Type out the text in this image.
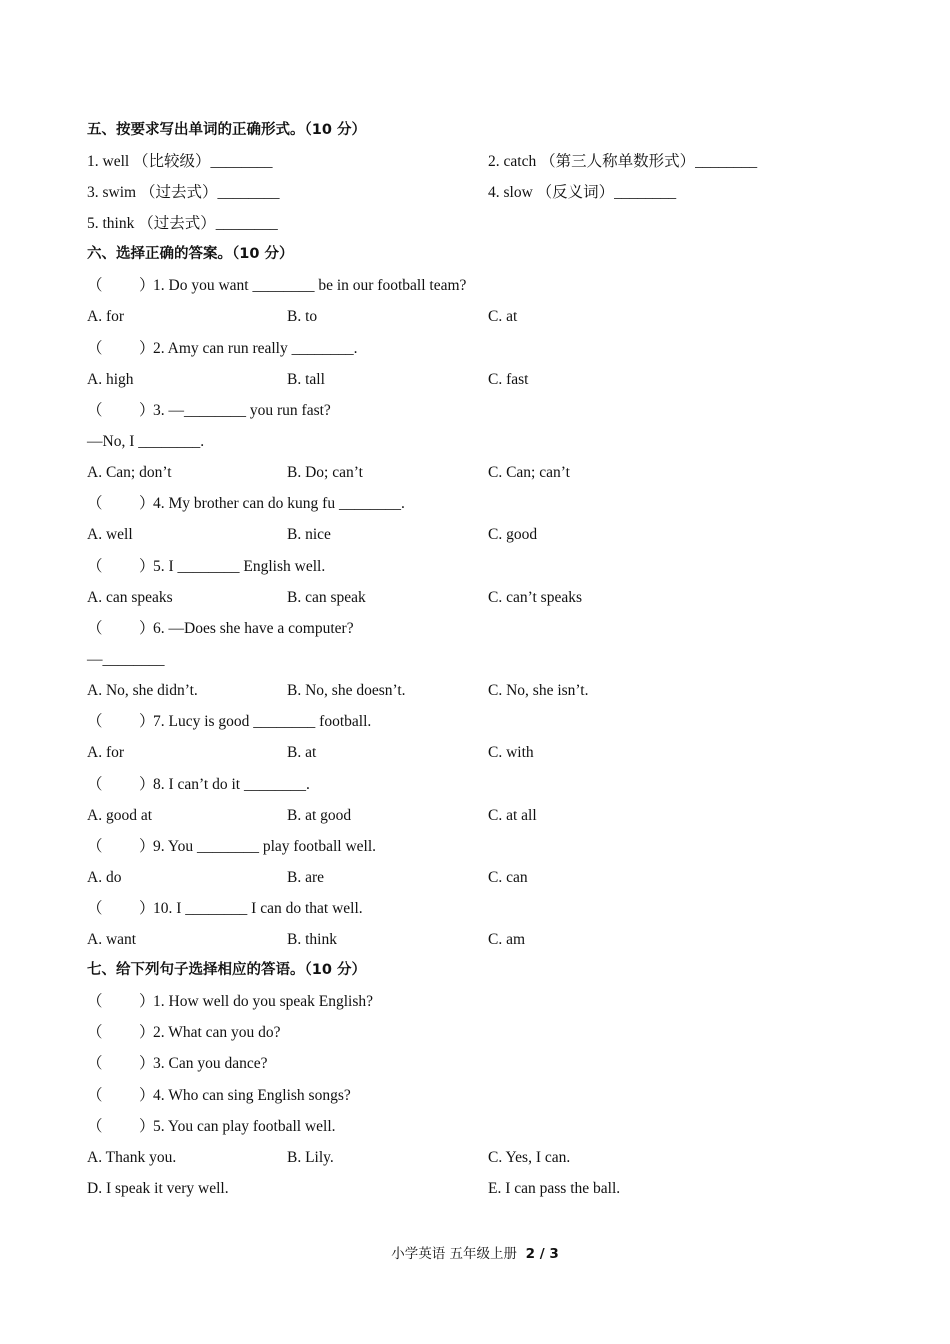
五、按要求写出单词的正确形式。（10 分）
1. well （比较级）________	2. catch （第三人称单数形式）________
3. swim （过去式）________	4. slow （反义词）________
5. think （过去式）________
六、选择正确的答案。（10 分）
（ ）1. Do you want ________ be in our football team?
A. for	B. to	C. at
（ ）2. Amy can run really ________.
A. high	B. tall	C. fast
（ ）3. —________ you run fast?
—No, I ________.
A. Can; don’t	B. Do; can’t	C. Can; can’t
（ ）4. My brother can do kung fu ________.
A. well	B. nice	C. good
（ ）5. I ________ English well.
A. can speaks	B. can speak	C. can’t speaks
（ ）6. —Does she have a computer?
—________
A. No, she didn’t.	B. No, she doesn’t.	C. No, she isn’t.
（ ）7. Lucy is good ________ football.
A. for	B. at	C. with
（ ）8. I can’t do it ________.
A. good at	B. at good	C. at all
（ ）9. You ________ play football well.
A. do	B. are	C. can
（ ）10. I ________ I can do that well.
A. want	B. think	C. am
七、给下列句子选择相应的答语。（10 分）
（ ）1. How well do you speak English?
（ ）2. What can you do?
（ ）3. Can you dance?
（ ）4. Who can sing English songs?
（ ）5. You can play football well.
A. Thank you.	B. Lily.	C. Yes, I can.
D. I speak it very well.	E. I can pass the ball.
小学英语 五年级上册 2 / 3
